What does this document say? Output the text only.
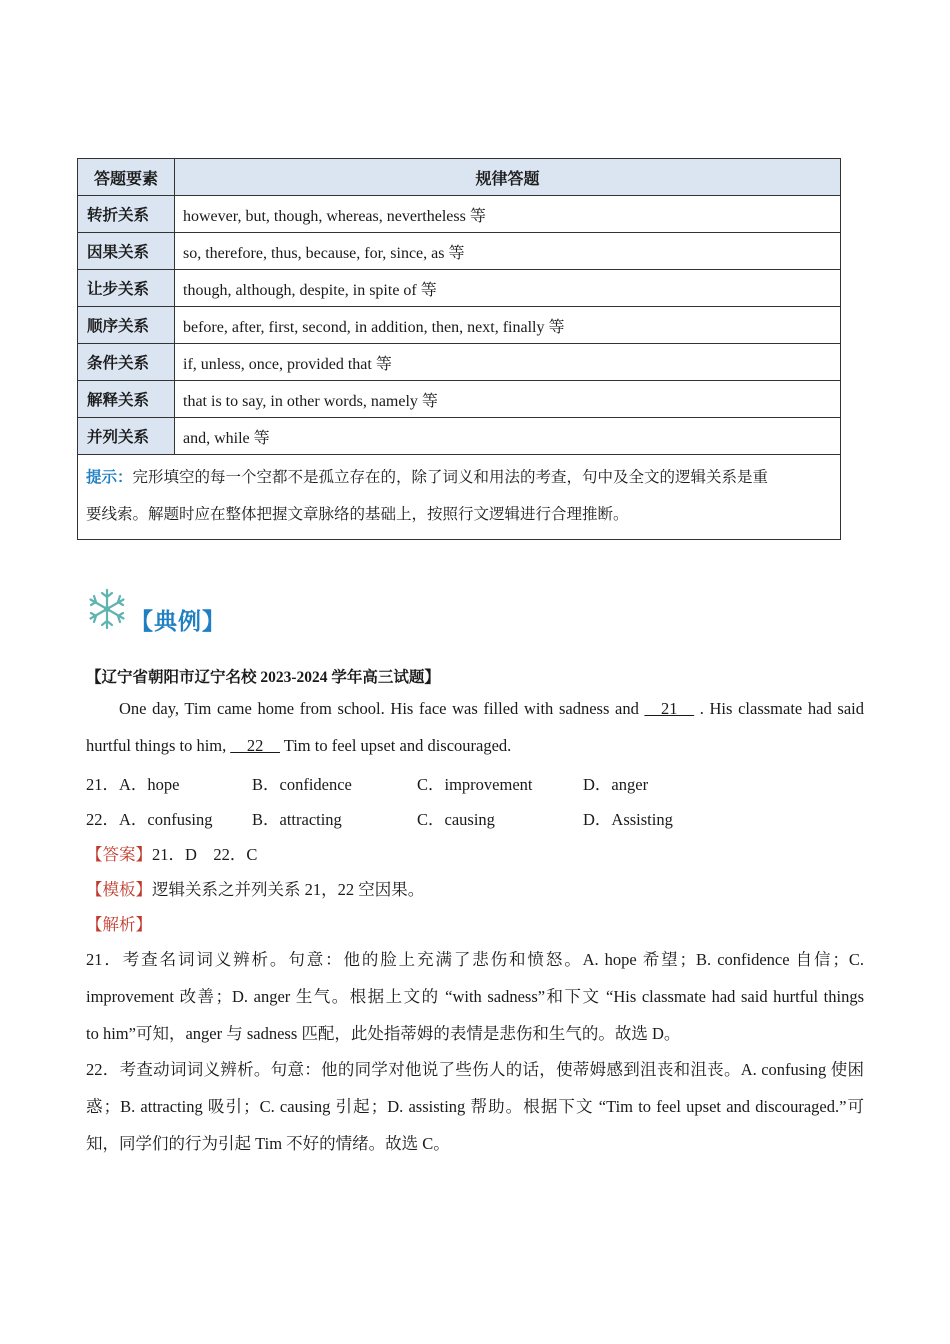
答题要素	规律答题
转折关系	however, but, though, whereas, nevertheless 等
因果关系	so, therefore, thus, because, for, since, as 等
让步关系	though, although, despite, in spite of 等
顺序关系	before, after, first, second, in addition, then, next, finally 等
条件关系	if, unless, once, provided that 等
解释关系	that is to say, in other words, namely 等
并列关系	and, while 等
提示：完形填空的每一个空都不是孤立存在的，除了词义和用法的考查，句中及全文的逻辑关系是重
要线索。解题时应在整体把握文章脉络的基础上，按照行文逻辑进行合理推断。	
【典例】
【辽宁省朝阳市辽宁名校 2023-2024 学年高三试题】
One day, Tim came home from school. His face was filled with sadness and __21__ . His classmate had said
hurtful things to him, __22__ Tim to feel upset and discouraged.
21． A．hope	B．confidence	C．improvement	D．anger
22． A．confusing B．attracting	C．causing	D．Assisting
【答案】21．D　22．C
【模板】逻辑关系之并列关系 21，22 空因果。
【解析】
21．考查名词词义辨析。句意：他的脸上充满了悲伤和愤怒。A. hope 希望；B. confidence 自信；C.
improvement 改善；D. anger 生气。根据上文的 “with sadness”和下文 “His classmate had said hurtful things
to him”可知，anger 与 sadness 匹配，此处指蒂姆的表情是悲伤和生气的。故选 D。
22．考查动词词义辨析。句意：他的同学对他说了些伤人的话，使蒂姆感到沮丧和沮丧。A. confusing 使困
惑；B. attracting 吸引；C. causing 引起；D. assisting 帮助。根据下文 “Tim to feel upset and discouraged.”可
知，同学们的行为引起 Tim 不好的情绪。故选 C。
